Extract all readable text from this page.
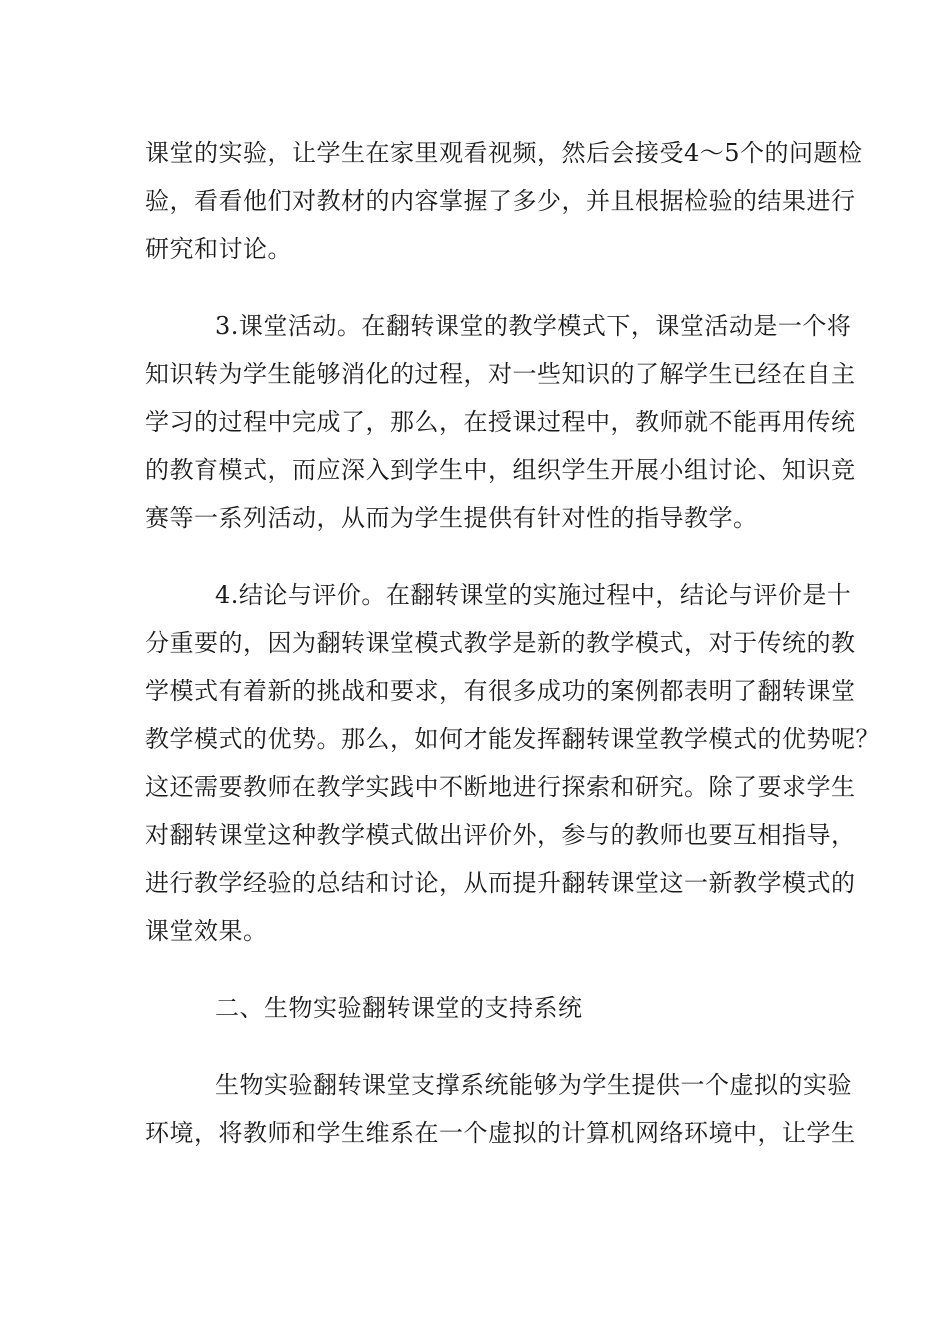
课堂的实验，让学生在家里观看视频，然后会接受4～5个的问题检
验，看看他们对教材的内容掌握了多少，并且根据检验的结果进行
研究和讨论。
3.课堂活动。在翻转课堂的教学模式下，课堂活动是一个将
知识转为学生能够消化的过程，对一些知识的了解学生已经在自主
学习的过程中完成了，那么，在授课过程中，教师就不能再用传统
的教育模式，而应深入到学生中，组织学生开展小组讨论、知识竞
赛等一系列活动，从而为学生提供有针对性的指导教学。
4.结论与评价。在翻转课堂的实施过程中，结论与评价是十
分重要的，因为翻转课堂模式教学是新的教学模式，对于传统的教
学模式有着新的挑战和要求，有很多成功的案例都表明了翻转课堂
教学模式的优势。那么，如何才能发挥翻转课堂教学模式的优势呢？
这还需要教师在教学实践中不断地进行探索和研究。除了要求学生
对翻转课堂这种教学模式做出评价外，参与的教师也要互相指导，
进行教学经验的总结和讨论，从而提升翻转课堂这一新教学模式的
课堂效果。
二、生物实验翻转课堂的支持系统
生物实验翻转课堂支撑系统能够为学生提供一个虚拟的实验
环境，将教师和学生维系在一个虚拟的计算机网络环境中，让学生
